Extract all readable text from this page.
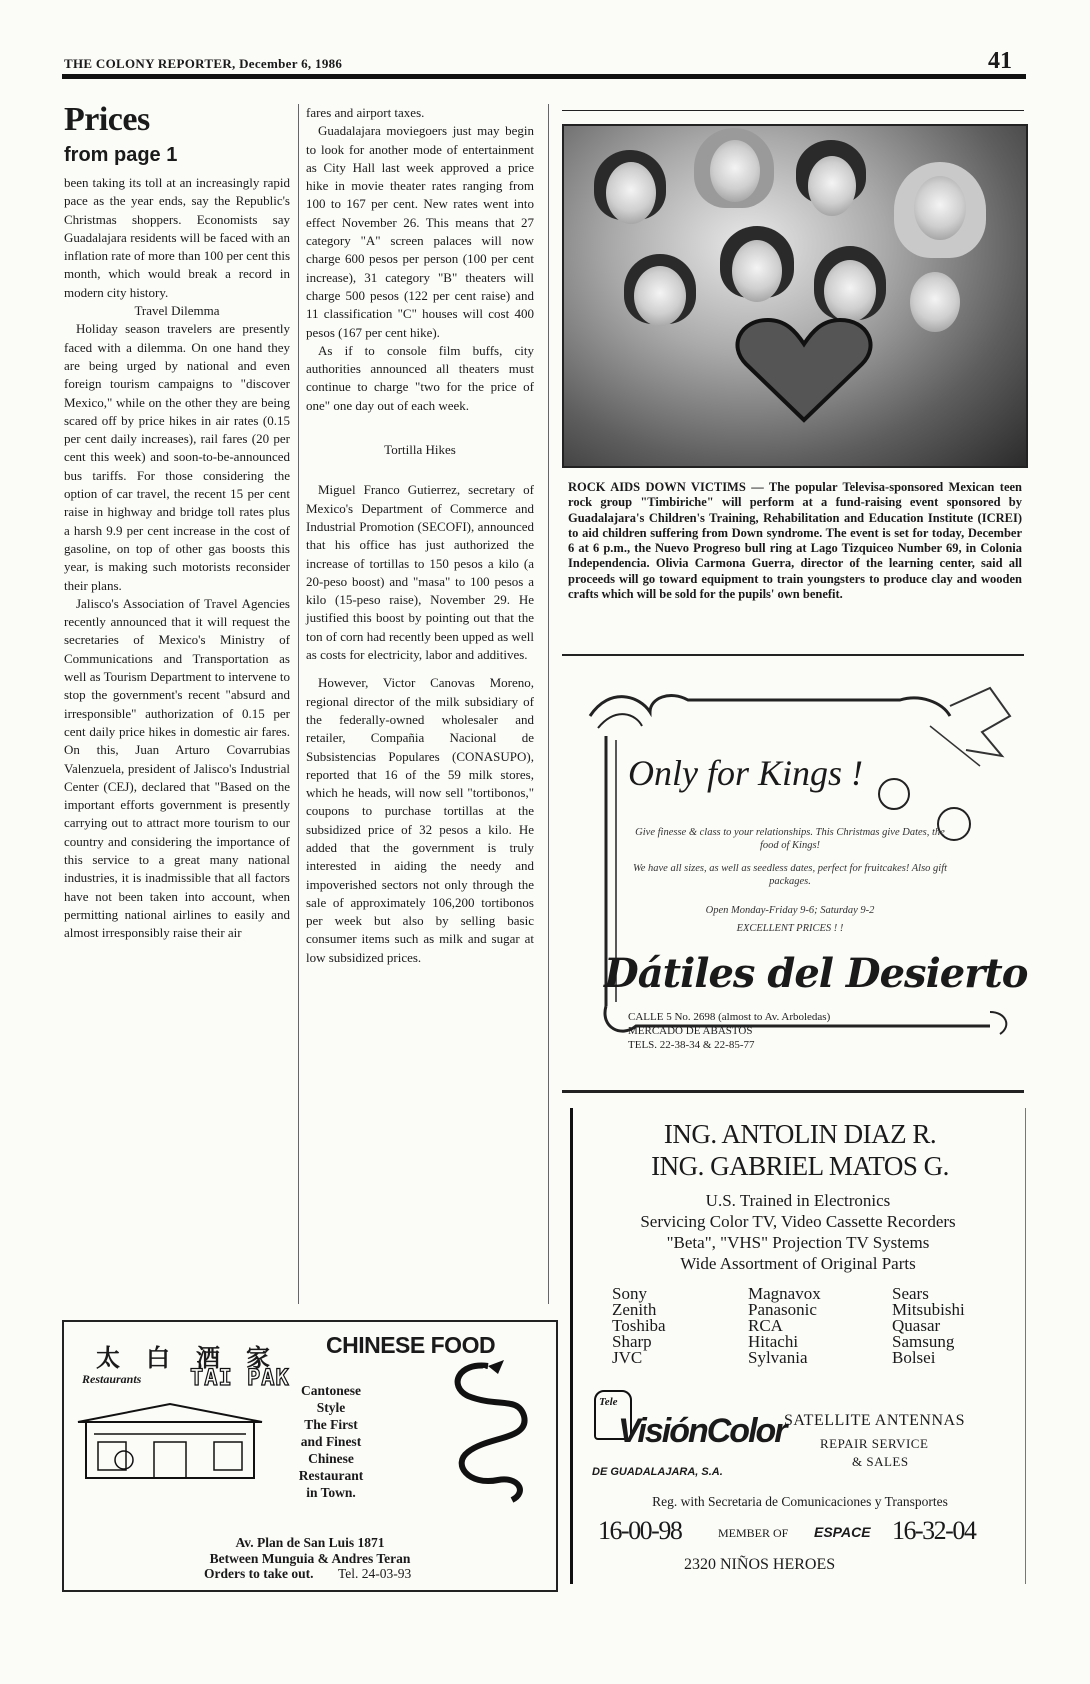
THE COLONY REPORTER, December 6, 1986	41
Prices
from page 1

been taking its toll at an increasingly rapid pace as the year ends, say the Republic's Christmas shoppers. Economists say Guadalajara residents will be faced with an inflation rate of more than 100 per cent this month, which would break a record in modern city history.

Travel Dilemma

Holiday season travelers are presently faced with a dilemma. On one hand they are being urged by national and even foreign tourism campaigns to "discover Mexico," while on the other they are being scared off by price hikes in air rates (0.15 per cent daily increases), rail fares (20 per cent this week) and soon-to-be-announced bus tariffs. For those considering the option of car travel, the recent 15 per cent raise in highway and bridge toll rates plus a harsh 9.9 per cent increase in the cost of gasoline, on top of other gas boosts this year, is making such motorists reconsider their plans.

Jalisco's Association of Travel Agencies recently announced that it will request the secretaries of Mexico's Ministry of Communications and Transportation as well as Tourism Department to intervene to stop the government's recent "absurd and irresponsible" authorization of 0.15 per cent daily price hikes in domestic air fares. On this, Juan Arturo Covarrubias Valenzuela, president of Jalisco's Industrial Center (CEJ), declared that "Based on the important efforts government is presently carrying out to attract more tourism to our country and considering the importance of this service to a great many national industries, it is inadmissible that all factors have not been taken into account, when permitting national airlines to easily and almost irresponsibly raise their air

fares and airport taxes.

Guadalajara moviegoers just may begin to look for another mode of entertainment as City Hall last week approved a price hike in movie theater rates ranging from 100 to 167 per cent. New rates went into effect November 26. This means that 27 category "A" screen palaces will now charge 600 pesos per person (100 per cent increase), 31 category "B" theaters will charge 500 pesos (122 per cent raise) and 11 classification "C" houses will cost 400 pesos (167 per cent hike).

As if to console film buffs, city authorities announced all theaters must continue to charge "two for the price of one" one day out of each week.

Tortilla Hikes

Miguel Franco Gutierrez, secretary of Mexico's Department of Commerce and Industrial Promotion (SECOFI), announced that his office has just authorized the increase of tortillas to 150 pesos a kilo (a 20-peso boost) and "masa" to 100 pesos a kilo (15-peso raise), November 29. He justified this boost by pointing out that the ton of corn had recently been upped as well as costs for electricity, labor and additives.

However, Victor Canovas Moreno, regional director of the milk subsidiary of the federally-owned wholesaler and retailer, Compañia Nacional de Subsistencias Populares (CONASUPO), reported that 16 of the 59 milk stores, which he heads, will now sell "tortibonos," coupons to purchase tortillas at the subsidized price of 32 pesos a kilo. He added that the government is truly interested in aiding the needy and impoverished sectors not only through the sale of approximately 106,200 tortibonos per week but also by selling basic consumer items such as milk and sugar at low subsidized prices.

ROCK AIDS DOWN VICTIMS — The popular Televisa-sponsored Mexican teen rock group "Timbiriche" will perform at a fund-raising event sponsored by Guadalajara's Children's Training, Rehabilitation and Education Institute (ICREI) to aid children suffering from Down syndrome. The event is set for today, December 6 at 6 p.m., the Nuevo Progreso bull ring at Lago Tizquiceo Number 69, in Colonia Independencia. Olivia Carmona Guerra, director of the learning center, said all proceeds will go toward equipment to train youngsters to produce clay and wooden crafts which will be sold for the pupils' own benefit.
Only for Kings !
Give finesse & class to your relationships. This Christmas give Dates, the food of Kings!
We have all sizes, as well as seedless dates, perfect for fruitcakes! Also gift packages.
Open Monday-Friday 9-6; Saturday 9-2
EXCELLENT PRICES ! !
Dátiles del Desierto
CALLE 5 No. 2698 (almost to Av. Arboledas)
MERCADO DE ABASTOS
TELS. 22-38-34 & 22-85-77
ING. ANTOLIN DIAZ R.
ING. GABRIEL MATOS G.
U.S. Trained in Electronics
Servicing Color TV, Video Cassette Recorders
"Beta", "VHS" Projection TV Systems
Wide Assortment of Original Parts
Sony
Zenith
Toshiba
Sharp
JVC
Magnavox
Panasonic
RCA
Hitachi
Sylvania
Sears
Mitsubishi
Quasar
Samsung
Bolsei
Tele
VisiónColor
DE GUADALAJARA, S.A.
SATELLITE ANTENNAS
REPAIR SERVICE
& SALES
Reg. with Secretaria de Comunicaciones y Transportes
16-00-98	MEMBER OF ESPACE 16-32-04
2320 NIÑOS HEROES
太白酒家
Restaurants TAI PAK
CHINESE FOOD
Cantonese
Style
The First
and Finest
Chinese
Restaurant
in Town.
Av. Plan de San Luis 1871
Between Munguia & Andres Teran
Orders to take out. Tel. 24-03-93
